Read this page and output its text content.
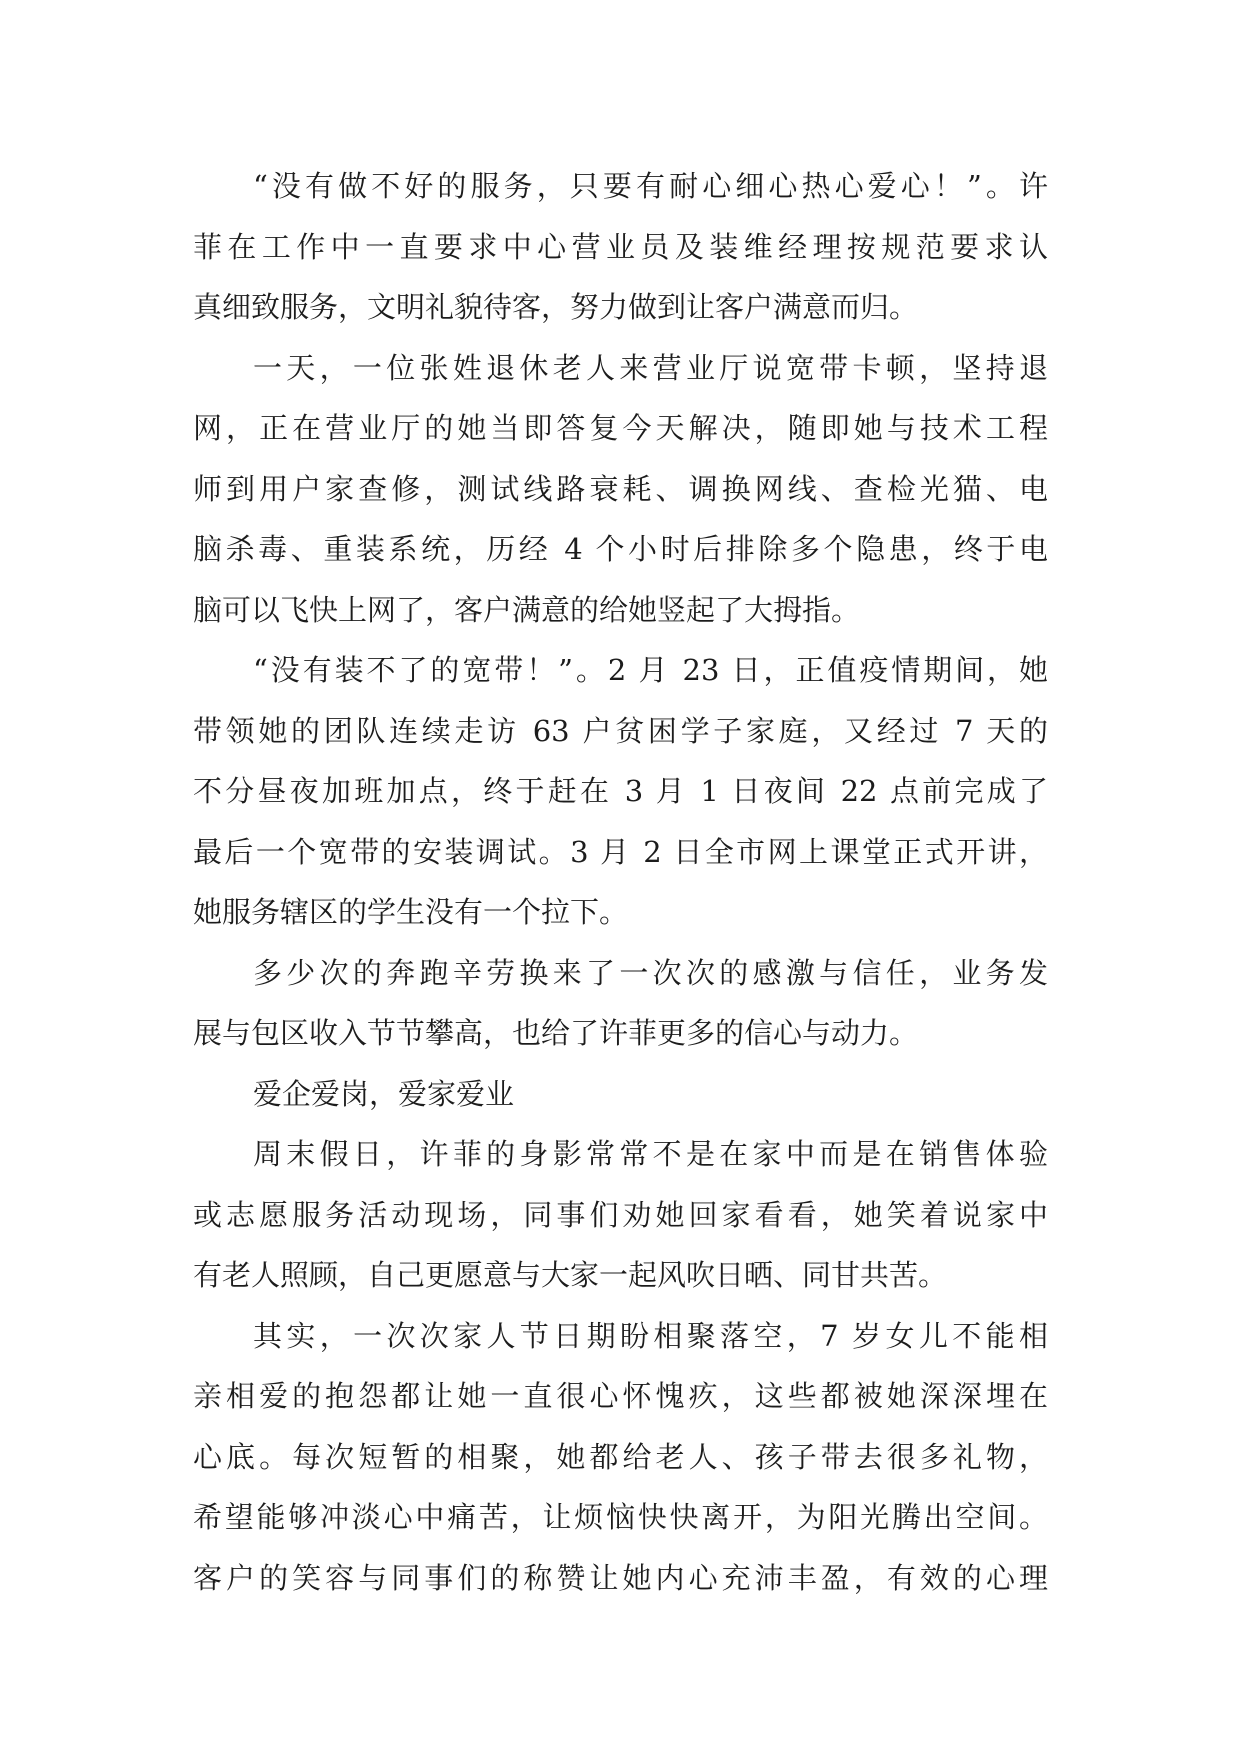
“没有做不好的服务，只要有耐心细心热心爱心！”。许
菲在工作中一直要求中心营业员及装维经理按规范要求认
真细致服务，文明礼貌待客，努力做到让客户满意而归。
一天，一位张姓退休老人来营业厅说宽带卡顿，坚持退
网，正在营业厅的她当即答复今天解决，随即她与技术工程
师到用户家查修，测试线路衰耗、调换网线、查检光猫、电
脑杀毒、重装系统，历经 4 个小时后排除多个隐患，终于电
脑可以飞快上网了，客户满意的给她竖起了大拇指。
“没有装不了的宽带！”。2 月 23 日，正值疫情期间，她
带领她的团队连续走访 63 户贫困学子家庭，又经过 7 天的
不分昼夜加班加点，终于赶在 3 月 1 日夜间 22 点前完成了
最后一个宽带的安装调试。3 月 2 日全市网上课堂正式开讲，
她服务辖区的学生没有一个拉下。
多少次的奔跑辛劳换来了一次次的感激与信任，业务发
展与包区收入节节攀高，也给了许菲更多的信心与动力。
爱企爱岗，爱家爱业
周末假日，许菲的身影常常不是在家中而是在销售体验
或志愿服务活动现场，同事们劝她回家看看，她笑着说家中
有老人照顾，自己更愿意与大家一起风吹日晒、同甘共苦。
其实，一次次家人节日期盼相聚落空，7 岁女儿不能相
亲相爱的抱怨都让她一直很心怀愧疚，这些都被她深深埋在
心底。每次短暂的相聚，她都给老人、孩子带去很多礼物，
希望能够冲淡心中痛苦，让烦恼快快离开，为阳光腾出空间。
客户的笑容与同事们的称赞让她内心充沛丰盈，有效的心理
